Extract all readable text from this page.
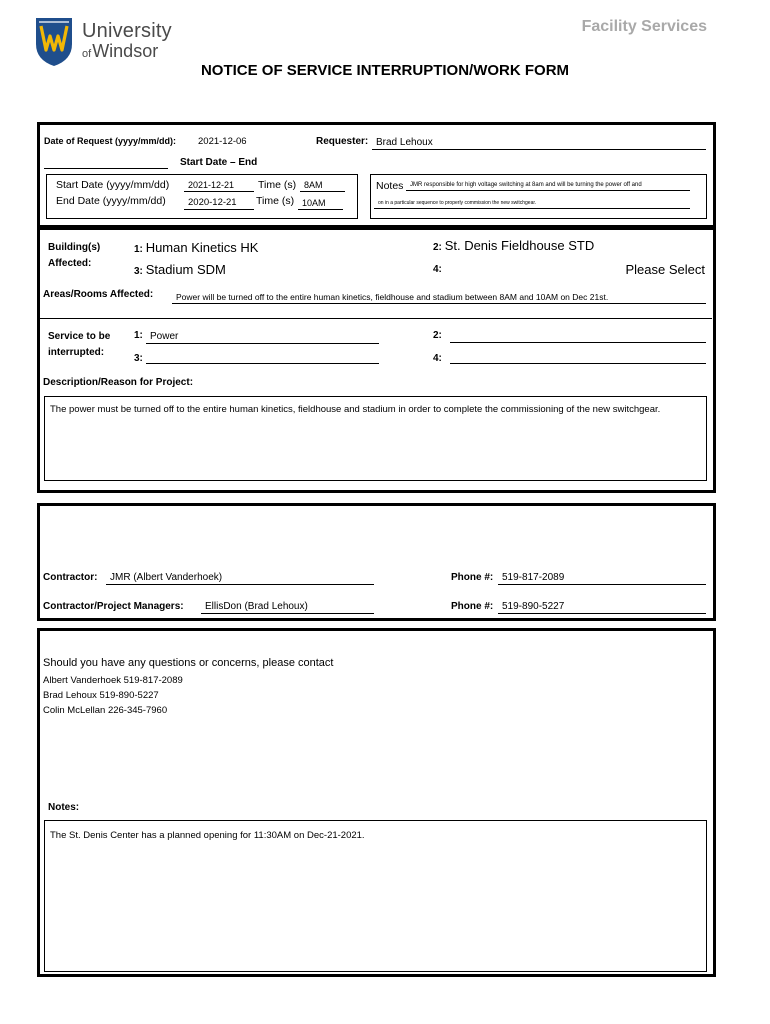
University
ofWindsor
Facility Services
NOTICE OF SERVICE INTERRUPTION/WORK FORM
Date of Request (yyyy/mm/dd): 2021-12-06	Requester: Brad Lehoux
Start Date – End
Start Date (yyyy/mm/dd)	2021-12-21	Time (s) 8AM
End Date (yyyy/mm/dd)	2020-12-21	Time (s) 10AM
Notes	JMR responsible for high voltage switching at 8am and will be turning the power off and
on in a particular sequence to properly commission the new switchgear.
Building(s)
Affected:
1: Human Kinetics HK	2: St. Denis Fieldhouse STD
3: Stadium SDM	4:	Please Select
Areas/Rooms Affected:	Power will be turned off to the entire human kinetics, fieldhouse and stadium between 8AM and 10AM on Dec 21st.
Service to be
interrupted:
1: Power	2:
3:	4:
Description/Reason for Project:
The power must be turned off to the entire human kinetics, fieldhouse and stadium in order to complete the commissioning of the new switchgear.
Contractor:	JMR (Albert Vanderhoek)	Phone #: 519-817-2089
Contractor/Project Managers:	EllisDon (Brad Lehoux)	Phone #: 519-890-5227
Should you have any questions or concerns, please contact
Albert Vanderhoek 519-817-2089
Brad Lehoux 519-890-5227
Colin McLellan 226-345-7960
Notes:
The St. Denis Center has a planned opening for 11:30AM on Dec-21-2021.
